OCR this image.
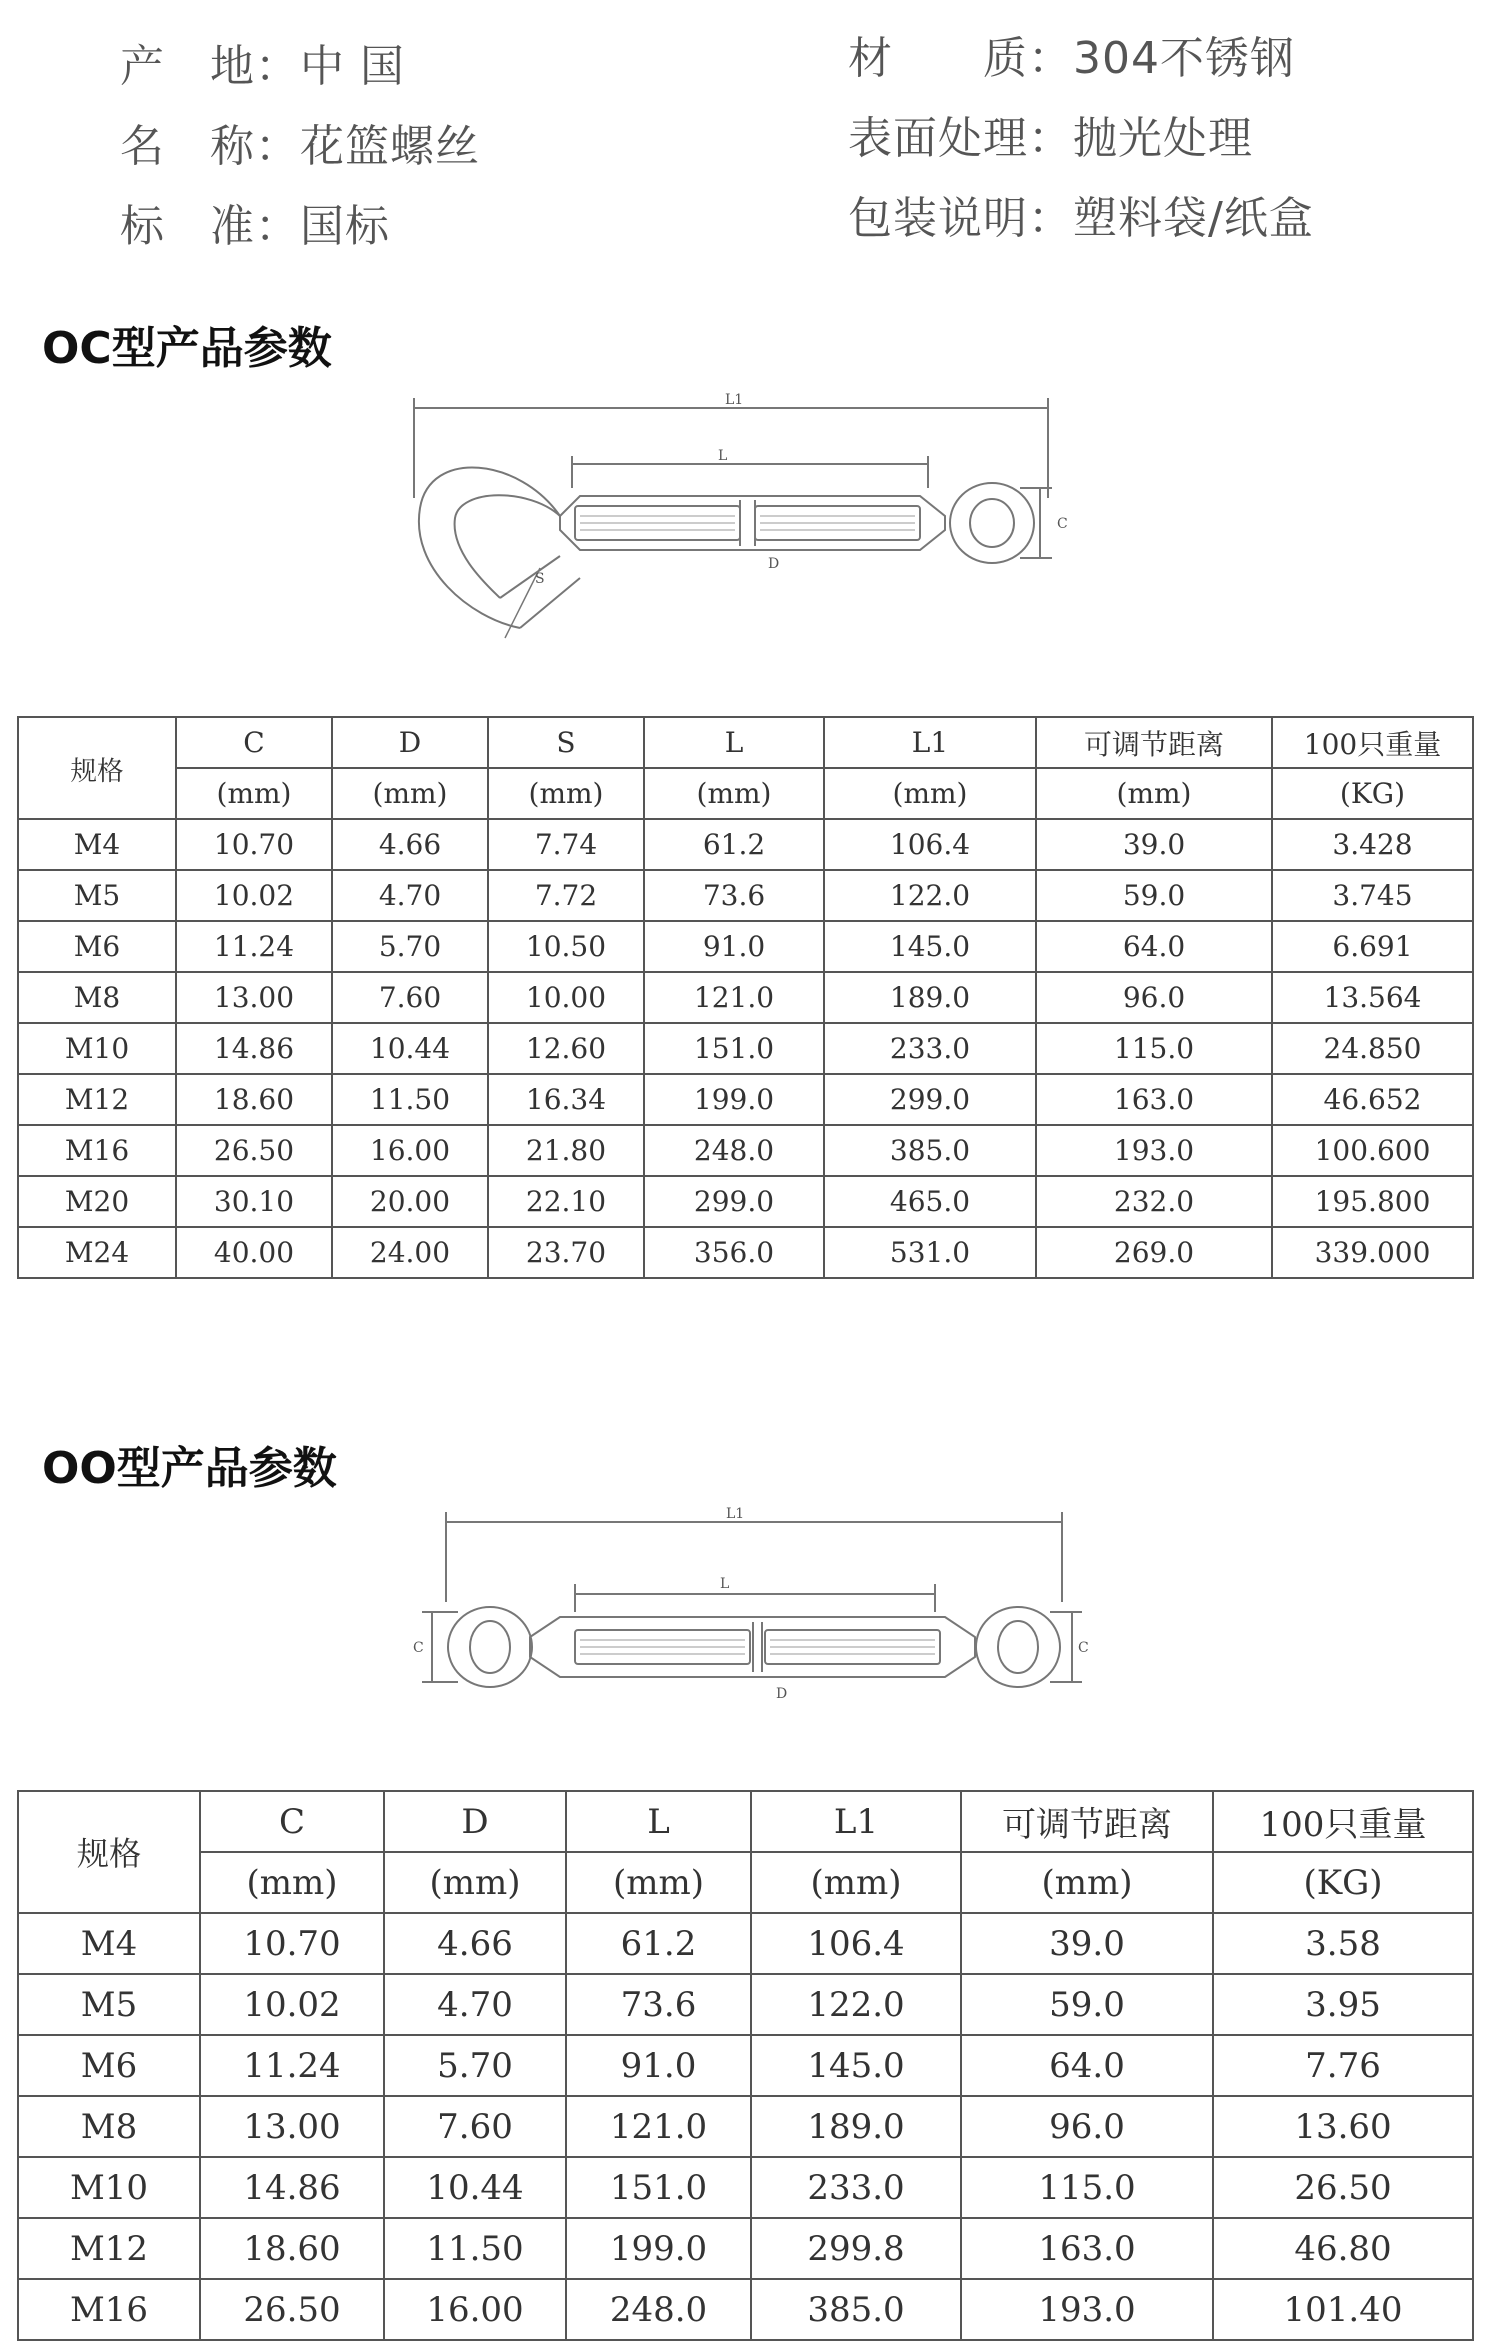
产　地：中 国
名　称：花篮螺丝
标　准：国标
材　　质：304不锈钢
表面处理：抛光处理
包装说明：塑料袋/纸盒
OC型产品参数
L1
L
C
D
S
规格	C	D	S	L	L1	可调节距离	100只重量
	(mm)	(mm)	(mm)	(mm)	(mm)	(mm)	(KG)
M4	10.70	4.66	7.74	61.2	106.4	39.0	3.428
M5	10.02	4.70	7.72	73.6	122.0	59.0	3.745
M6	11.24	5.70	10.50	91.0	145.0	64.0	6.691
M8	13.00	7.60	10.00	121.0	189.0	96.0	13.564
M10	14.86	10.44	12.60	151.0	233.0	115.0	24.850
M12	18.60	11.50	16.34	199.0	299.0	163.0	46.652
M16	26.50	16.00	21.80	248.0	385.0	193.0	100.600
M20	30.10	20.00	22.10	299.0	465.0	232.0	195.800
M24	40.00	24.00	23.70	356.0	531.0	269.0	339.000
OO型产品参数
L1
L
C	C
D
规格	C	D	L	L1	可调节距离	100只重量
	(mm)	(mm)	(mm)	(mm)	(mm)	(KG)
M4	10.70	4.66	61.2	106.4	39.0	3.58
M5	10.02	4.70	73.6	122.0	59.0	3.95
M6	11.24	5.70	91.0	145.0	64.0	7.76
M8	13.00	7.60	121.0	189.0	96.0	13.60
M10	14.86	10.44	151.0	233.0	115.0	26.50
M12	18.60	11.50	199.0	299.8	163.0	46.80
M16	26.50	16.00	248.0	385.0	193.0	101.40
